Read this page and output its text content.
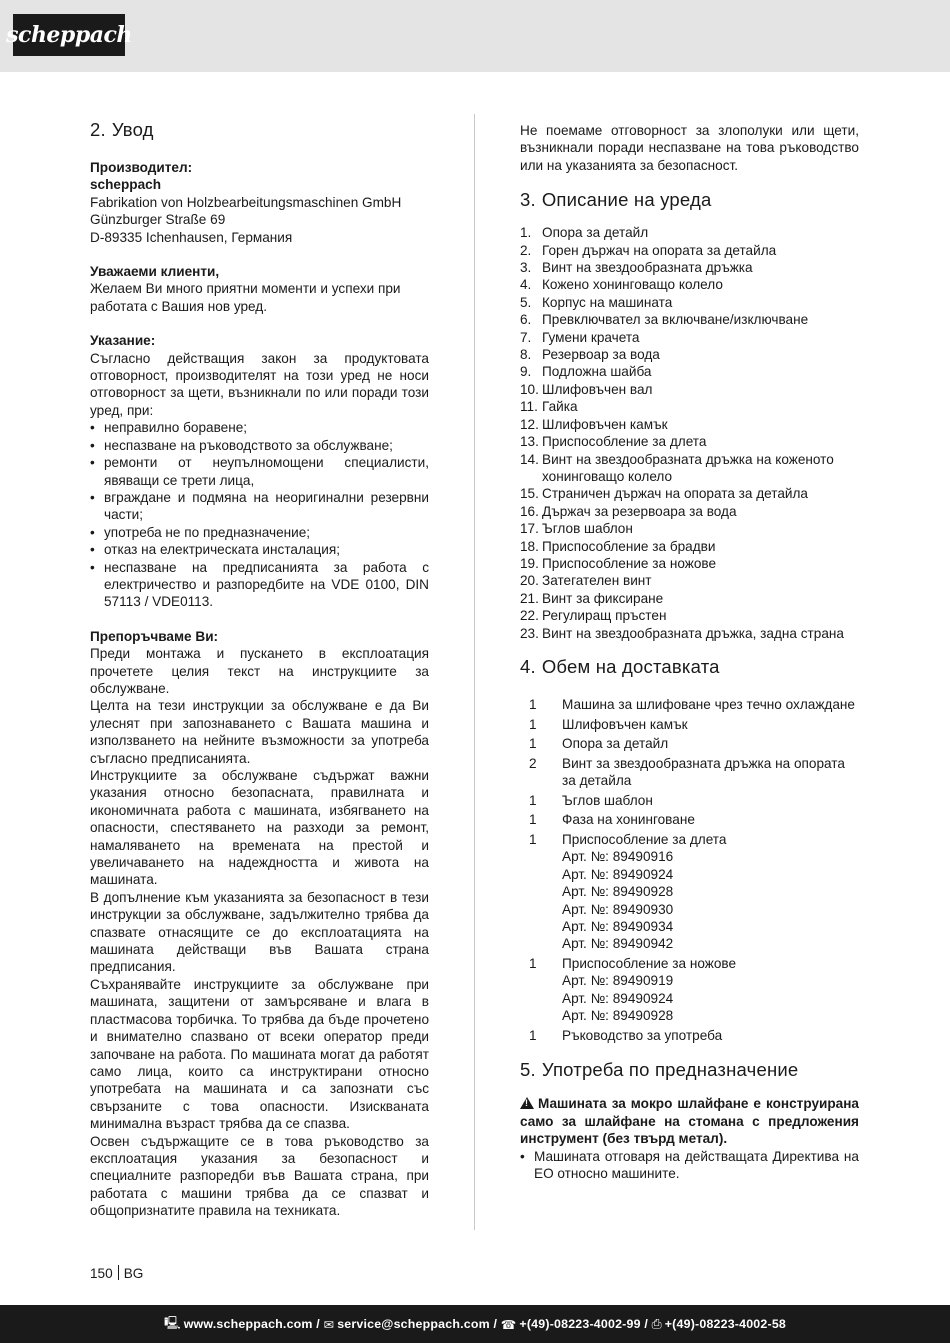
scheppach
2. Увод

Производител:

scheppach

Fabrikation von Holzbearbeitungsmaschinen GmbH

Günzburger Straße 69

D-89335 Ichenhausen, Германия

Уважаеми клиенти,

Желаем Ви много приятни моменти и успехи при работата с Вашия нов уред.

Указание:

Съгласно действащия закон за продуктовата отговорност, производителят на този уред не носи отговорност за щети, възникнали по или поради този уред, при:

• неправилно боравене;
• неспазване на ръководството за обслужване;
• ремонти от неупълномощени специалисти, явяващи се трети лица,
• вграждане и подмяна на неоригинални резервни части;
• употреба не по предназначение;
• отказ на електрическата инсталация;
• неспазване на предписанията за работа с електричество и разпоредбите на VDE 0100, DIN 57113 / VDE0113.

Препоръчваме Ви:

Преди монтажа и пускането в експлоатация прочетете целия текст на инструкциите за обслужване.

Целта на тези инструкции за обслужване е да Ви улеснят при запознаването с Вашата машина и използването на нейните възможности за употреба съгласно предписанията.

Инструкциите за обслужване съдържат важни указания относно безопасната, правилната и икономичната работа с машината, избягването на опасности, спестяването на разходи за ремонт, намаляването на времената на престой и увеличаването на надеждността и живота на машината.

В допълнение към указанията за безопасност в тези инструкции за обслужване, задължително трябва да спазвате отнасящите се до експлоатацията на машината действащи във Вашата страна предписания.

Съхранявайте инструкциите за обслужване при машината, защитени от замърсяване и влага в пластмасова торбичка. То трябва да бъде прочетено и внимателно спазвано от всеки оператор преди започване на работа. По машината могат да работят само лица, които са инструктирани относно употребата на машината и са запознати със свързаните с това опасности. Изисквaната минимална възраст трябва да се спазва.

Освен съдържащите се в това ръководство за експлоатация указания за безопасност и специалните разпоредби във Вашата страна, при работата с машини трябва да се спазват и общопризнатите правила на техниката.

Не поемаме отговорност за злополуки или щети, възникнали поради неспазване на това ръководство или на указанията за безопасност.

3. Описание на уреда
1. Опора за детайл
2. Горен държач на опората за детайла
3. Винт на звездообразната дръжка
4. Кожено хонинговащо колело
5. Корпус на машината
6. Превключвател за включване/изключване
7. Гумени крачета
8. Резервоар за вода
9. Подложна шайба
10. Шлифовъчен вал
11. Гайка
12. Шлифовъчен камък
13. Приспособление за длета
14. Винт на звездообразната дръжка на коженото хонинговащо колело
15. Страничен държач на опората за детайла
16. Държач за резервоара за вода
17. Ъглов шаблон
18. Приспособление за брадви
19. Приспособление за ножове
20. Затегателен винт
21. Винт за фиксиране
22. Регулиращ пръстен
23. Винт на звездообразната дръжка, задна страна
4. Обем на доставката
1	Машина за шлифоване чрез течно охлаждане
1	Шлифовъчен камък
1	Опора за детайл
2	Винт за звездообразната дръжка на опората за детайла
1	Ъглов шаблон
1	Фаза на хонинговане
1	Приспособление за длета
Арт. №: 89490916
Арт. №: 89490924
Арт. №: 89490928
Арт. №: 89490930
Арт. №: 89490934
Арт. №: 89490942
1	Приспособление за ножове
Арт. №: 89490919
Арт. №: 89490924
Арт. №: 89490928
1	Ръководство за употреба
5. Употреба по предназначение

!Машината за мокро шлайфане е конструирана само за шлайфане на стомана с предложения инструмент (без твърд метал).

• Машината отговаря на действащата Директива на ЕО относно машините.
150 BG
🖳 www.scheppach.com /
✉ service@scheppach.com /
☎ +(49)-08223-4002-99 /
⎙ +(49)-08223-4002-58
